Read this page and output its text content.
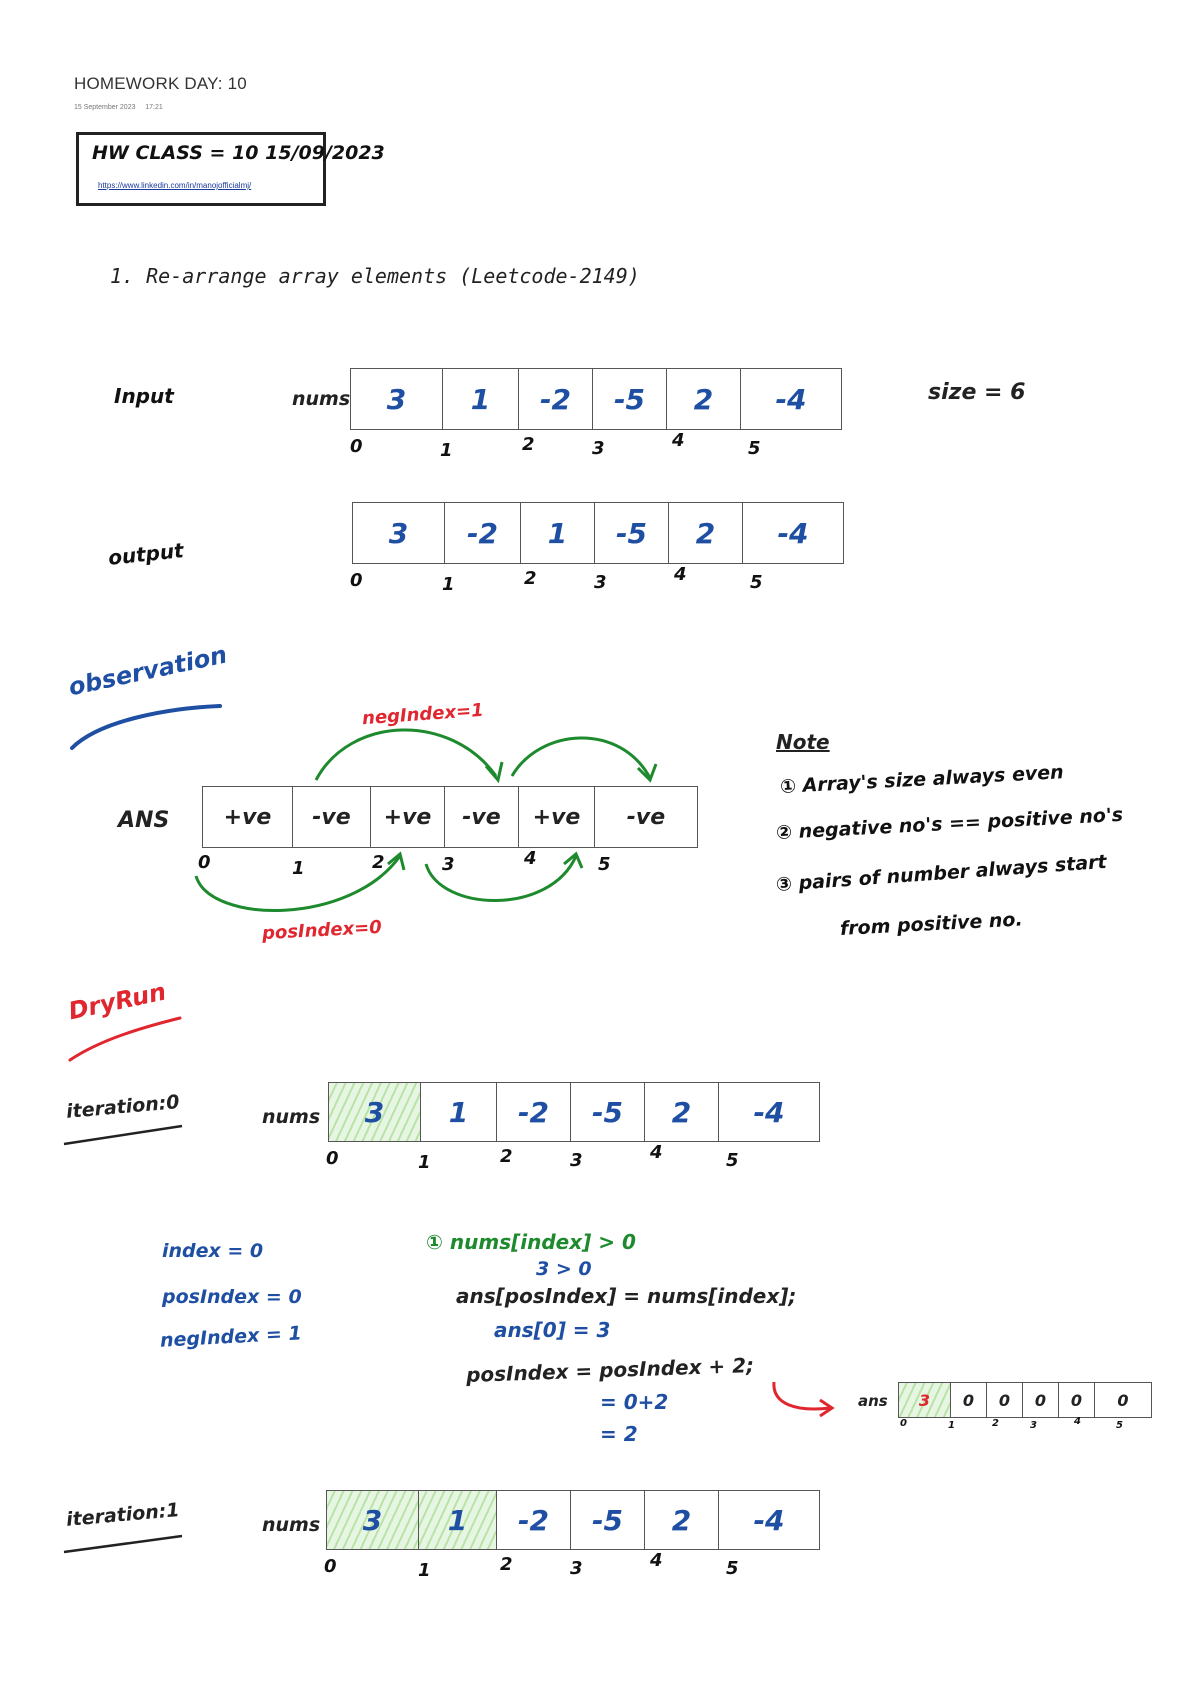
HOMEWORK DAY: 10
15 September 2023 17:21
HW CLASS = 10 15/09/2023
https://www.linkedin.com/in/manojofficialmj/
1. Re-arrange array elements (Leetcode-2149)
Input	nums	3	1	-2	-5	2	-4
0	1	2	3	4	5
size = 6
output
3	-2	1	-5	2	-4
0	1	2	3	4	5
observation
negIndex=1
ANS	+ve	-ve	+ve	-ve	+ve	-ve
0	1	2	3	4	5
posIndex=0
Note
① Array's size always even
② negative no's == positive no's
③ pairs of number always start
from positive no.
DryRun
iteration:0	nums	3	1	-2	-5	2	-4
0	1	2	3	4	5
index = 0
posIndex = 0
negIndex = 1
① nums[index] > 0
3 > 0
ans[posIndex] = nums[index];
ans[0] = 3
posIndex = posIndex + 2;
= 0+2
= 2
ans	3	0	0	0	0	0
0	1	2	3	4	5
iteration:1	nums	3	1	-2	-5	2	-4
0	1	2	3	4	5
